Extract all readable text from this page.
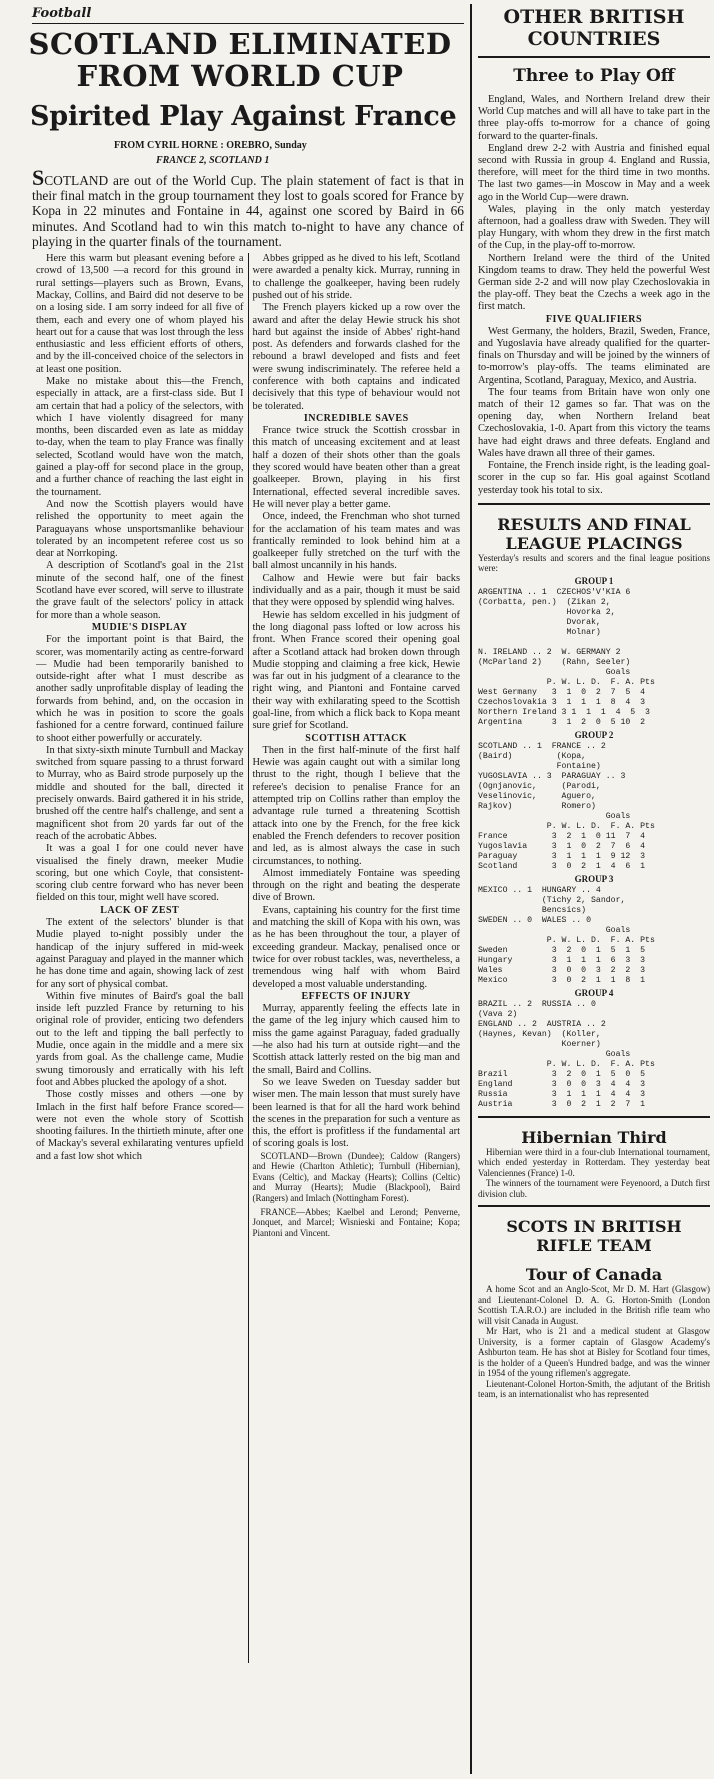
Football
SCOTLAND ELIMINATED
FROM WORLD CUP
Spirited Play Against France
FROM CYRIL HORNE : OREBRO, Sunday
FRANCE 2, SCOTLAND 1
SCOTLAND are out of the World Cup. The plain statement of fact is that in their final match in the group tournament they lost to goals scored for France by Kopa in 22 minutes and Fontaine in 44, against one scored by Baird in 66 minutes. And Scotland had to win this match to-night to have any chance of playing in the quarter finals of the tournament.

Here this warm but pleasant evening before a crowd of 13,500 —a record for this ground in rural settings—players such as Brown, Evans, Mackay, Collins, and Baird did not deserve to be on a losing side. I am sorry indeed for all five of them, each and every one of whom played his heart out for a cause that was lost through the less enthusiastic and less efficient efforts of others, and by the ill-conceived choice of the selectors in at least one position.

Make no mistake about this—the French, especially in attack, are a first-class side. But I am certain that had a policy of the selectors, with which I have violently disagreed for many months, been discarded even as late as midday to-day, when the team to play France was finally selected, Scotland would have won the match, gained a play-off for second place in the group, and a further chance of reaching the last eight in the tournament.

And now the Scottish players would have relished the opportunity to meet again the Paraguayans whose unsportsmanlike behaviour tolerated by an incompetent referee cost us so dear at Norrkoping.

A description of Scotland's goal in the 21st minute of the second half, one of the finest Scotland have ever scored, will serve to illustrate the grave fault of the selectors' policy in attack for more than a whole season.

MUDIE'S DISPLAY

For the important point is that Baird, the scorer, was momentarily acting as centre-forward — Mudie had been temporarily banished to outside-right after what I must describe as another sadly unprofitable display of leading the forwards from behind, and, on the occasion in which he was in position to score the goals fashioned for a centre forward, continued failure to shoot either powerfully or accurately.

In that sixty-sixth minute Turnbull and Mackay switched from square passing to a thrust forward to Murray, who as Baird strode purposely up the middle and shouted for the ball, directed it precisely onwards. Baird gathered it in his stride, brushed off the centre half's challenge, and sent a magnificent shot from 20 yards far out of the reach of the acrobatic Abbes.

It was a goal I for one could never have visualised the finely drawn, meeker Mudie scoring, but one which Coyle, that consistent-scoring club centre forward who has never been fielded on this tour, might well have scored.

LACK OF ZEST

The extent of the selectors' blunder is that Mudie played to-night possibly under the handicap of the injury suffered in mid-week against Paraguay and played in the manner which he has done time and again, showing lack of zest for any sort of physical combat.

Within five minutes of Baird's goal the ball inside left puzzled France by returning to his original role of provider, enticing two defenders out to the left and tipping the ball perfectly to Mudie, once again in the middle and a mere six yards from goal. As the challenge came, Mudie swung timorously and erratically with his left foot and Abbes plucked the apology of a shot.

Those costly misses and others —one by Imlach in the first half before France scored—were not even the whole story of Scottish shooting failures. In the thirtieth minute, after one of Mackay's several exhilarating ventures upfield and a fast low shot which

Abbes gripped as he dived to his left, Scotland were awarded a penalty kick. Murray, running in to challenge the goalkeeper, having been rudely pushed out of his stride.

The French players kicked up a row over the award and after the delay Hewie struck his shot hard but against the inside of Abbes' right-hand post. As defenders and forwards clashed for the rebound a brawl developed and fists and feet were swung indiscriminately. The referee held a conference with both captains and indicated decisively that this type of behaviour would not be tolerated.

INCREDIBLE SAVES

France twice struck the Scottish crossbar in this match of unceasing excitement and at least half a dozen of their shots other than the goals they scored would have beaten other than a great goalkeeper. Brown, playing in his first International, effected several incredible saves. He will never play a better game.

Once, indeed, the Frenchman who shot turned for the acclamation of his team mates and was frantically reminded to look behind him at a goalkeeper fully stretched on the turf with the ball almost uncannily in his hands.

Calhow and Hewie were but fair backs individually and as a pair, though it must be said that they were opposed by splendid wing halves.

Hewie has seldom excelled in his judgment of the long diagonal pass lofted or low across his front. When France scored their opening goal after a Scotland attack had broken down through Mudie stopping and claiming a free kick, Hewie was far out in his judgment of a clearance to the right wing, and Piantoni and Fontaine carved their way with exhilarating speed to the Scottish goal-line, from which a flick back to Kopa meant sure grief for Scotland.

SCOTTISH ATTACK

Then in the first half-minute of the first half Hewie was again caught out with a similar long thrust to the right, though I believe that the referee's decision to penalise France for an attempted trip on Collins rather than employ the advantage rule turned a threatening Scottish attack into one by the French, for the free kick enabled the French defenders to recover position and led, as is almost always the case in such circumstances, to nothing.

Almost immediately Fontaine was speeding through on the right and beating the desperate dive of Brown.

Evans, captaining his country for the first time and matching the skill of Kopa with his own, was as he has been throughout the tour, a player of exceeding grandeur. Mackay, penalised once or twice for over robust tackles, was, nevertheless, a tremendous wing half with whom Baird developed a most valuable understanding.

EFFECTS OF INJURY

Murray, apparently feeling the effects late in the game of the leg injury which caused him to miss the game against Paraguay, faded gradually—he also had his turn at outside right—and the Scottish attack latterly rested on the big man and the small, Baird and Collins.

So we leave Sweden on Tuesday sadder but wiser men. The main lesson that must surely have been learned is that for all the hard work behind the scenes in the preparation for such a venture as this, the effort is profitless if the fundamental art of scoring goals is lost.

SCOTLAND—Brown (Dundee); Caldow (Rangers) and Hewie (Charlton Athletic); Turnbull (Hibernian), Evans (Celtic), and Mackay (Hearts); Collins (Celtic) and Murray (Hearts); Mudie (Blackpool), Baird (Rangers) and Imlach (Nottingham Forest).

FRANCE—Abbes; Kaelbel and Lerond; Penverne, Jonquet, and Marcel; Wisnieski and Fontaine; Kopa; Piantoni and Vincent.

OTHER BRITISH
COUNTRIES
Three to Play Off

England, Wales, and Northern Ireland drew their World Cup matches and will all have to take part in the three play-offs to-morrow for a chance of going forward to the quarter-finals.

England drew 2-2 with Austria and finished equal second with Russia in group 4. England and Russia, therefore, will meet for the third time in two months. The last two games—in Moscow in May and a week ago in the World Cup—were drawn.

Wales, playing in the only match yesterday afternoon, had a goalless draw with Sweden. They will play Hungary, with whom they drew in the first match of the Cup, in the play-off to-morrow.

Northern Ireland were the third of the United Kingdom teams to draw. They held the powerful West German side 2-2 and will now play Czechoslovakia in the play-off. They beat the Czechs a week ago in the first match.

FIVE QUALIFIERS

West Germany, the holders, Brazil, Sweden, France, and Yugoslavia have already qualified for the quarter-finals on Thursday and will be joined by the winners of to-morrow's play-offs. The teams eliminated are Argentina, Scotland, Paraguay, Mexico, and Austria.

The four teams from Britain have won only one match of their 12 games so far. That was on the opening day, when Northern Ireland beat Czechoslovakia, 1-0. Apart from this victory the teams have had eight draws and three defeats. England and Wales have drawn all three of their games.

Fontaine, the French inside right, is the leading goal-scorer in the cup so far. His goal against Scotland yesterday took his total to six.

RESULTS AND FINAL
LEAGUE PLACINGS
Yesterday's results and scorers and the final league positions were:
GROUP 1
ARGENTINA .. 1  CZECHOS'V'KIA 6
(Corbatta, pen.)  (Zikan 2,
Hovorka 2,
Dvorak,
Molnar)

N. IRELAND .. 2  W. GERMANY 2
(McParland 2)    (Rahn, Seeler)
Goals
P. W. L. D.  F. A. Pts
West Germany   3  1  0  2  7  5  4
Czechoslovakia 3  1  1  1  8  4  3
Northern Ireland 3 1  1  1  4  5  3
Argentina      3  1  2  0  5 10  2
GROUP 2
SCOTLAND .. 1  FRANCE .. 2
(Baird)         (Kopa,
Fontaine)
YUGOSLAVIA .. 3  PARAGUAY .. 3
(Ognjanovic,     (Parodi,
Veselinovic,     Aguero,
Rajkov)          Romero)
Goals
P. W. L. D.  F. A. Pts
France         3  2  1  0 11  7  4
Yugoslavia     3  1  0  2  7  6  4
Paraguay       3  1  1  1  9 12  3
Scotland       3  0  2  1  4  6  1
GROUP 3
MEXICO .. 1  HUNGARY .. 4
(Tichy 2, Sandor,
Bencsics)
SWEDEN .. 0  WALES .. 0
Goals
P. W. L. D.  F. A. Pts
Sweden         3  2  0  1  5  1  5
Hungary        3  1  1  1  6  3  3
Wales          3  0  0  3  2  2  3
Mexico         3  0  2  1  1  8  1
GROUP 4
BRAZIL .. 2  RUSSIA .. 0
(Vava 2)
ENGLAND .. 2  AUSTRIA .. 2
(Haynes, Kevan)  (Koller,
Koerner)
Goals
P. W. L. D.  F. A. Pts
Brazil         3  2  0  1  5  0  5
England        3  0  0  3  4  4  3
Russia         3  1  1  1  4  4  3
Austria        3  0  2  1  2  7  1
Hibernian Third

Hibernian were third in a four-club International tournament, which ended yesterday in Rotterdam. They yesterday beat Valenciennes (France) 1-0.

The winners of the tournament were Feyenoord, a Dutch first division club.

SCOTS IN BRITISH
RIFLE TEAM
Tour of Canada

A home Scot and an Anglo-Scot, Mr D. M. Hart (Glasgow) and Lieutenant-Colonel D. A. G. Horton-Smith (London Scottish T.A.R.O.) are included in the British rifle team who will visit Canada in August.

Mr Hart, who is 21 and a medical student at Glasgow University, is a former captain of Glasgow Academy's Ashburton team. He has shot at Bisley for Scotland four times, is the holder of a Queen's Hundred badge, and was the winner in 1954 of the young riflemen's aggregate.

Lieutenant-Colonel Horton-Smith, the adjutant of the British team, is an internationalist who has represented
